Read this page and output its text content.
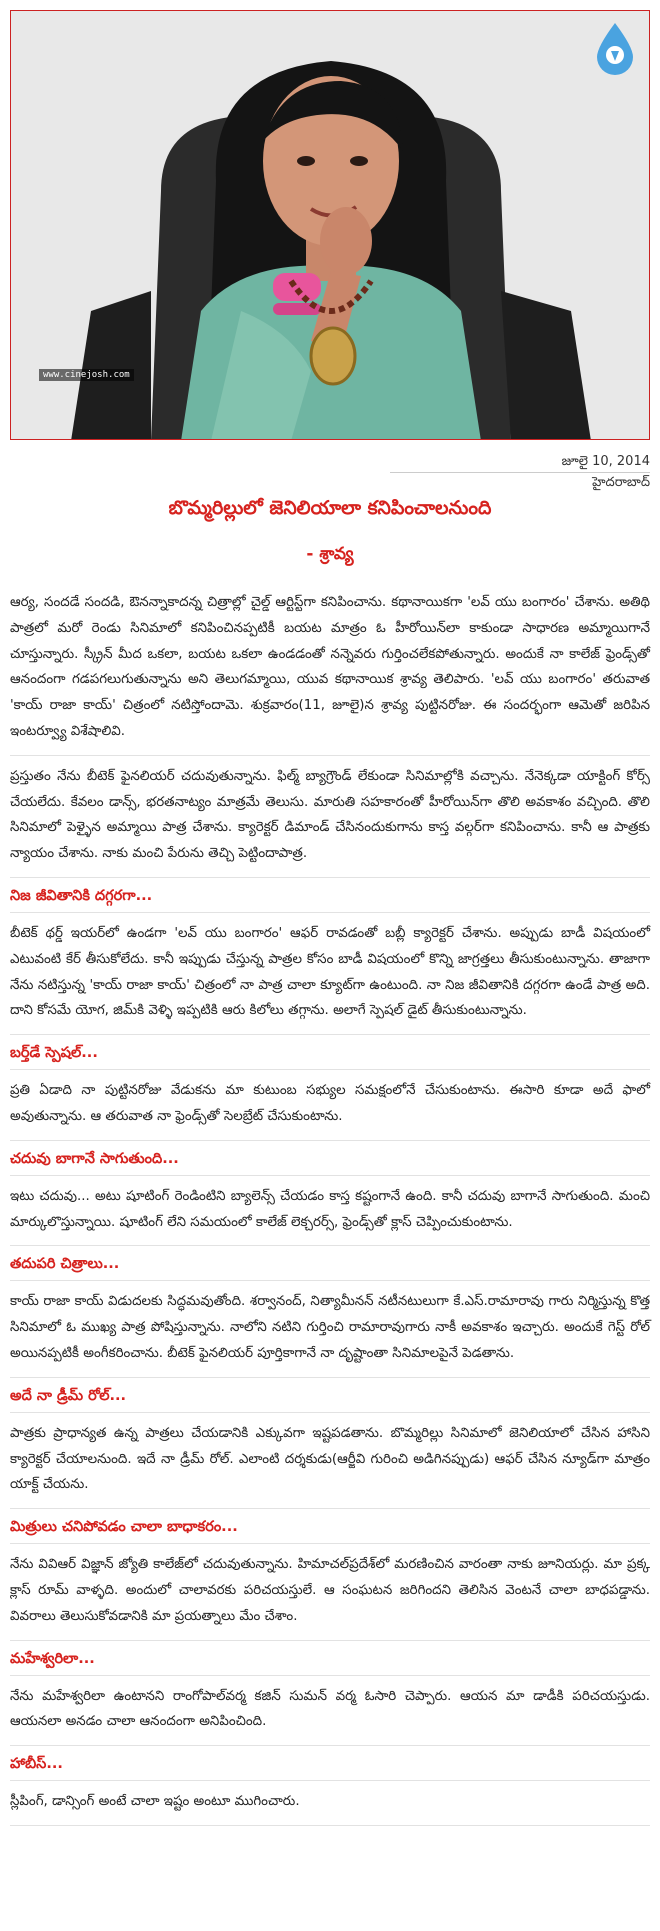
www.cinejosh.com
జూలై 10, 2014
హైదరాబాద్
బొమ్మరిల్లులో జెనిలియాలా కనిపించాలనుంది
- శ్రావ్య

ఆర్య, సందడే సందడి, ఔనన్నాకాదన్న చిత్రాల్లో చైల్డ్ ఆర్టిస్ట్‌గా కనిపించాను. కథానాయికగా 'లవ్ యు బంగారం' చేశాను. అతిథి పాత్రలో మరో రెండు సినిమాలో కనిపించినప్పటికీ బయట మాత్రం ఓ హీరోయిన్‌లా కాకుండా సాధారణ అమ్మాయిగానే చూస్తున్నారు. స్క్రీన్ మీద ఒకలా, బయట ఒకలా ఉండడంతో నన్నెవరు గుర్తించలేకపోతున్నారు. అందుకే నా కాలేజ్ ఫ్రెండ్స్‌తో ఆనందంగా గడపగలుగుతున్నాను అని తెలుగమ్మాయి, యువ కథానాయిక శ్రావ్య తెలిపారు. 'లవ్ యు బంగారం' తరువాత 'కాయ్ రాజా కాయ్' చిత్రంలో నటిస్తోందామె. శుక్రవారం(11, జూలై)న శ్రావ్య పుట్టినరోజు. ఈ సందర్భంగా ఆమెతో జరిపిన ఇంటర్వ్యూ విశేషాలివి.

ప్రస్తుతం నేను బీటెక్ ఫైనలియర్ చదువుతున్నాను. ఫిల్మ్ బ్యాగ్రౌండ్ లేకుండా సినిమాల్లోకి వచ్చాను. నేనెక్కడా యాక్టింగ్ కోర్స్ చేయలేదు. కేవలం డాన్స్, భరతనాట్యం మాత్రమే తెలుసు. మారుతి సహకారంతో హీరోయిన్‌గా తొలి అవకాశం వచ్చింది. తొలి సినిమాలో పెళ్ళైన అమ్మాయి పాత్ర చేశాను. క్యారెక్టర్ డిమాండ్ చేసినందుకుగాను కాస్త వల్గర్‌గా కనిపించాను. కానీ ఆ పాత్రకు న్యాయం చేశాను. నాకు మంచి పేరును తెచ్చి పెట్టిందాపాత్ర.

నిజ జీవితానికి దగ్గరగా...

బీటెక్ థర్డ్ ఇయర్‌లో ఉండగా 'లవ్ యు బంగారం' ఆఫర్ రావడంతో బబ్లీ క్యారెక్టర్ చేశాను. అప్పుడు బాడీ విషయంలో ఎటువంటి కేర్ తీసుకోలేదు. కానీ ఇప్పుడు చేస్తున్న పాత్రల కోసం బాడీ విషయంలో కొన్ని జాగ్రత్తలు తీసుకుంటున్నాను. తాజాగా నేను నటిస్తున్న 'కాయ్ రాజా కాయ్' చిత్రంలో నా పాత్ర చాలా క్యూట్‌గా ఉంటుంది. నా నిజ జీవితానికి దగ్గరగా ఉండే పాత్ర అది. దాని కోసమే యోగ, జిమ్‌కి వెళ్ళి ఇప్పటికి ఆరు కిలోలు తగ్గాను. అలాగే స్పెషల్ డైట్ తీసుకుంటున్నాను.

బర్త్‌డే స్పెషల్...

ప్రతి ఏడాది నా పుట్టినరోజు వేడుకను మా కుటుంబ సభ్యుల సమక్షంలోనే చేసుకుంటాను. ఈసారి కూడా అదే ఫాలో అవుతున్నాను. ఆ తరువాత నా ఫ్రెండ్స్‌తో సెలబ్రేట్ చేసుకుంటాను.

చదువు బాగానే సాగుతుంది...

ఇటు చదువు... అటు షూటింగ్ రెండింటిని బ్యాలెన్స్ చేయడం కాస్త కష్టంగానే ఉంది. కానీ చదువు బాగానే సాగుతుంది. మంచి మార్కులొస్తున్నాయి. షూటింగ్ లేని సమయంలో కాలేజ్ లెక్చరర్స్, ఫ్రెండ్స్‌తో క్లాస్ చెప్పించుకుంటాను.

తదుపరి చిత్రాలు...

కాయ్ రాజా కాయ్ విడుదలకు సిద్ధమవుతోంది. శర్వానంద్, నిత్యామీనన్ నటీనటులుగా కే.ఎస్.రామారావు గారు నిర్మిస్తున్న కొత్త సినిమాలో ఓ ముఖ్య పాత్ర పోషిస్తున్నాను. నాలోని నటిని గుర్తించి రామారావుగారు నాకీ అవకాశం ఇచ్చారు. అందుకే గెస్ట్ రోల్ అయినప్పటికీ అంగీకరించాను. బీటెక్ ఫైనలియర్ పూర్తికాగానే నా దృష్టాంతా సినిమాలపైనే పెడతాను.

అదే నా డ్రీమ్ రోల్...

పాత్రకు ప్రాధాన్యత ఉన్న పాత్రలు చేయడానికి ఎక్కువగా ఇష్టపడతాను. బొమ్మరిల్లు సినిమాలో జెనిలియాలో చేసిన హాసిని క్యారెక్టర్ చేయాలనుంది. ఇదే నా డ్రీమ్ రోల్. ఎలాంటి దర్శకుడు(ఆర్జీవి గురించి అడిగినప్పుడు) ఆఫర్ చేసిన న్యూడ్‌గా మాత్రం యాక్ట్ చేయను.

మిత్రులు చనిపోవడం చాలా బాధాకరం...

నేను వివిఆర్ విజ్ఞాన్ జ్యోతి కాలేజ్‌లో చదువుతున్నాను. హిమాచల్‌ప్రదేశ్‌లో మరణించిన వారంతా నాకు జూనియర్లు. మా ప్రక్క క్లాస్ రూమ్ వాళ్ళది. అందులో చాలావరకు పరిచయస్తులే. ఆ సంఘటన జరిగిందని తెలిసిన వెంటనే చాలా బాధపడ్డాను. వివరాలు తెలుసుకోవడానికి మా ప్రయత్నాలు మేం చేశాం.

మహేశ్వరిలా...

నేను మహేశ్వరిలా ఉంటానని రాంగోపాల్‌వర్మ కజిన్ సుమన్ వర్మ ఓసారి చెప్పారు. ఆయన మా డాడీకి పరిచయస్తుడు. ఆయనలా అనడం చాలా ఆనందంగా అనిపించింది.

హాబీస్...

స్లీపింగ్, డాన్సింగ్ అంటే చాలా ఇష్టం అంటూ ముగించారు.
